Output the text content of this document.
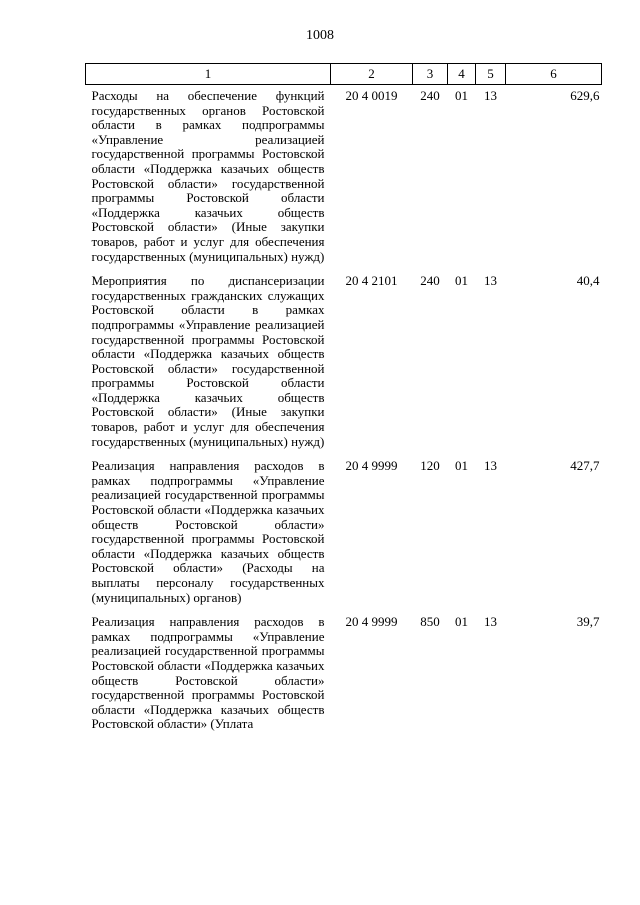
1008
1	2	3	4	5	6
Расходы на обеспечение функций государственных органов Ростовской области в рамках подпрограммы «Управление реализацией государственной программы Ростовской области «Поддержка казачьих обществ Ростовской области» государственной программы Ростовской области «Поддержка казачьих обществ Ростовской области» (Иные закупки товаров, работ и услуг для обеспечения государственных (муниципальных) нужд)	20 4 0019	240	01	13	629,6
Мероприятия по диспансеризации государственных гражданских служащих Ростовской области в рамках подпрограммы «Управление реализацией государственной программы Ростовской области «Поддержка казачьих обществ Ростовской области» государственной программы Ростовской области «Поддержка казачьих обществ Ростовской области» (Иные закупки товаров, работ и услуг для обеспечения государственных (муниципальных) нужд)	20 4 2101	240	01	13	40,4
Реализация направления расходов в рамках подпрограммы «Управление реализацией государственной программы Ростовской области «Поддержка казачьих обществ Ростовской области» государственной программы Ростовской области «Поддержка казачьих обществ Ростовской области» (Расходы на выплаты персоналу государственных (муниципальных) органов)	20 4 9999	120	01	13	427,7
Реализация направления расходов в рамках подпрограммы «Управление реализацией государственной программы Ростовской области «Поддержка казачьих обществ Ростовской области» государственной программы Ростовской области «Поддержка казачьих обществ Ростовской области» (Уплата	20 4 9999	850	01	13	39,7
